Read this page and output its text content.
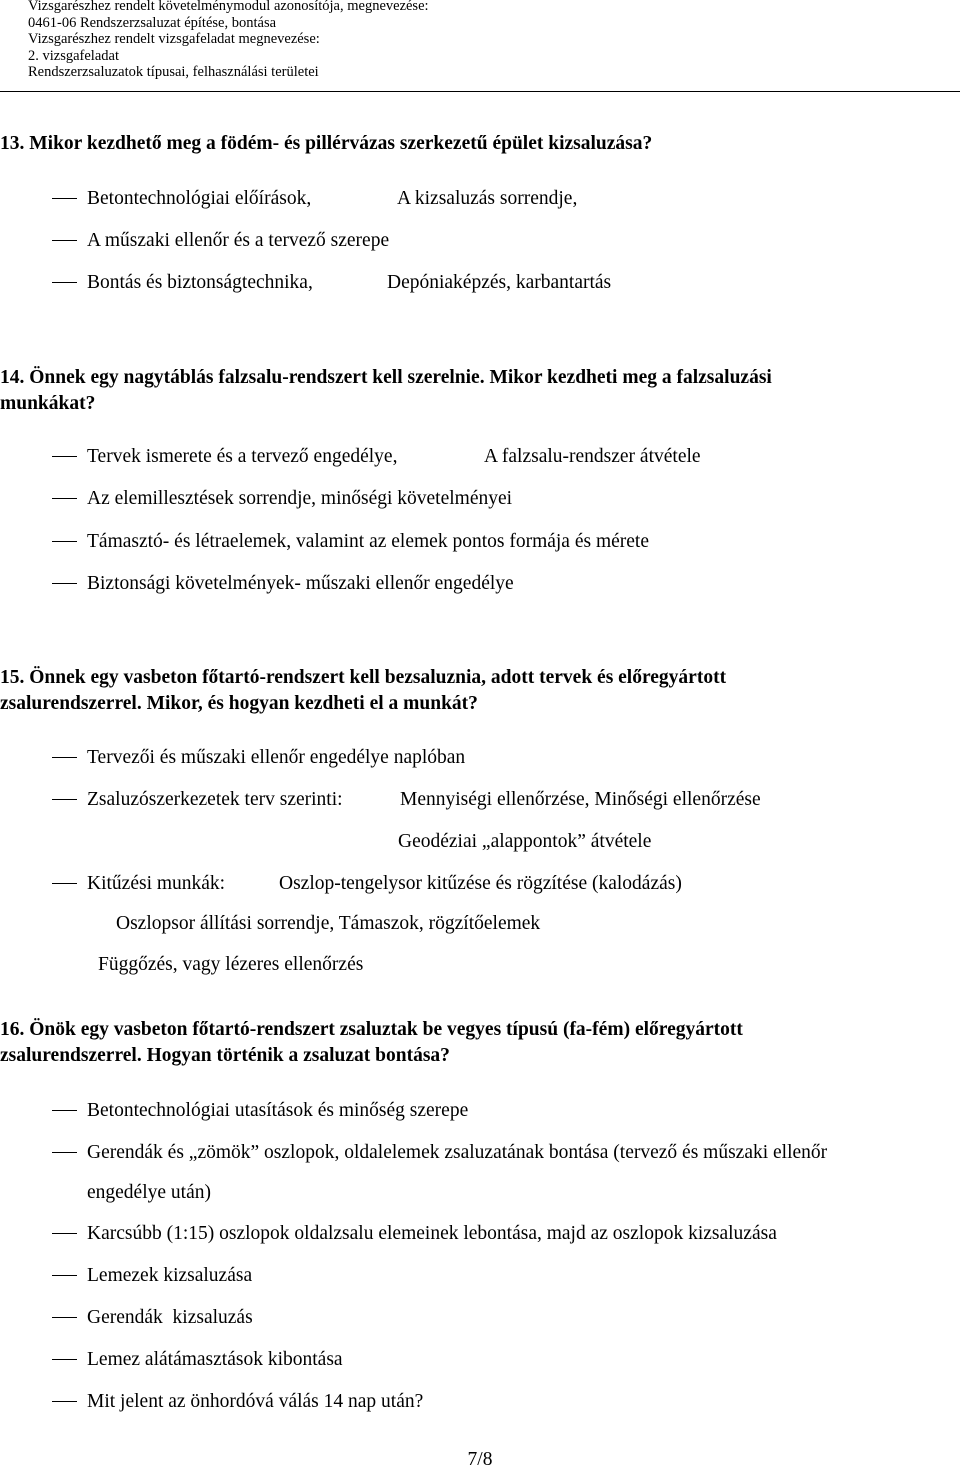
Vizsgarészhez rendelt követelménymodul azonosítója, megnevezése:
0461-06 Rendszerzsaluzat építése, bontása
Vizsgarészhez rendelt vizsgafeladat megnevezése:
2. vizsgafeladat
Rendszerzsaluzatok típusai, felhasználási területei
13. Mikor kezdhető meg a födém- és pillérvázas szerkezetű épület kizsaluzása?
Betontechnológiai előírások,	A kizsaluzás sorrendje,
A műszaki ellenőr és a tervező szerepe
Bontás és biztonságtechnika,	Depóniaképzés, karbantartás
14. Önnek egy nagytáblás falzsalu-rendszert kell szerelnie. Mikor kezdheti meg a falzsaluzási
munkákat?
Tervek ismerete és a tervező engedélye,	A falzsalu-rendszer átvétele
Az elemillesztések sorrendje, minőségi követelményei
Támasztó- és létraelemek, valamint az elemek pontos formája és mérete
Biztonsági követelmények- műszaki ellenőr engedélye
15. Önnek egy vasbeton főtartó-rendszert kell bezsaluznia, adott tervek és előregyártott
zsalurendszerrel. Mikor, és hogyan kezdheti el a munkát?
Tervezői és műszaki ellenőr engedélye naplóban
Zsaluzószerkezetek terv szerinti:	Mennyiségi ellenőrzése, Minőségi ellenőrzése
Geodéziai „alappontok” átvétele
Kitűzési munkák:	Oszlop-tengelysor kitűzése és rögzítése (kalodázás)
Oszlopsor állítási sorrendje, Támaszok, rögzítőelemek
Függőzés, vagy lézeres ellenőrzés
16. Önök egy vasbeton főtartó-rendszert zsaluztak be vegyes típusú (fa-fém) előregyártott
zsalurendszerrel. Hogyan történik a zsaluzat bontása?
Betontechnológiai utasítások és minőség szerepe
Gerendák és „zömök” oszlopok, oldalelemek zsaluzatának bontása (tervező és műszaki ellenőr
engedélye után)
Karcsúbb (1:15) oszlopok oldalzsalu elemeinek lebontása, majd az oszlopok kizsaluzása
Lemezek kizsaluzása
Gerendák  kizsaluzás
Lemez alátámasztások kibontása
Mit jelent az önhordóvá válás 14 nap után?
7/8
